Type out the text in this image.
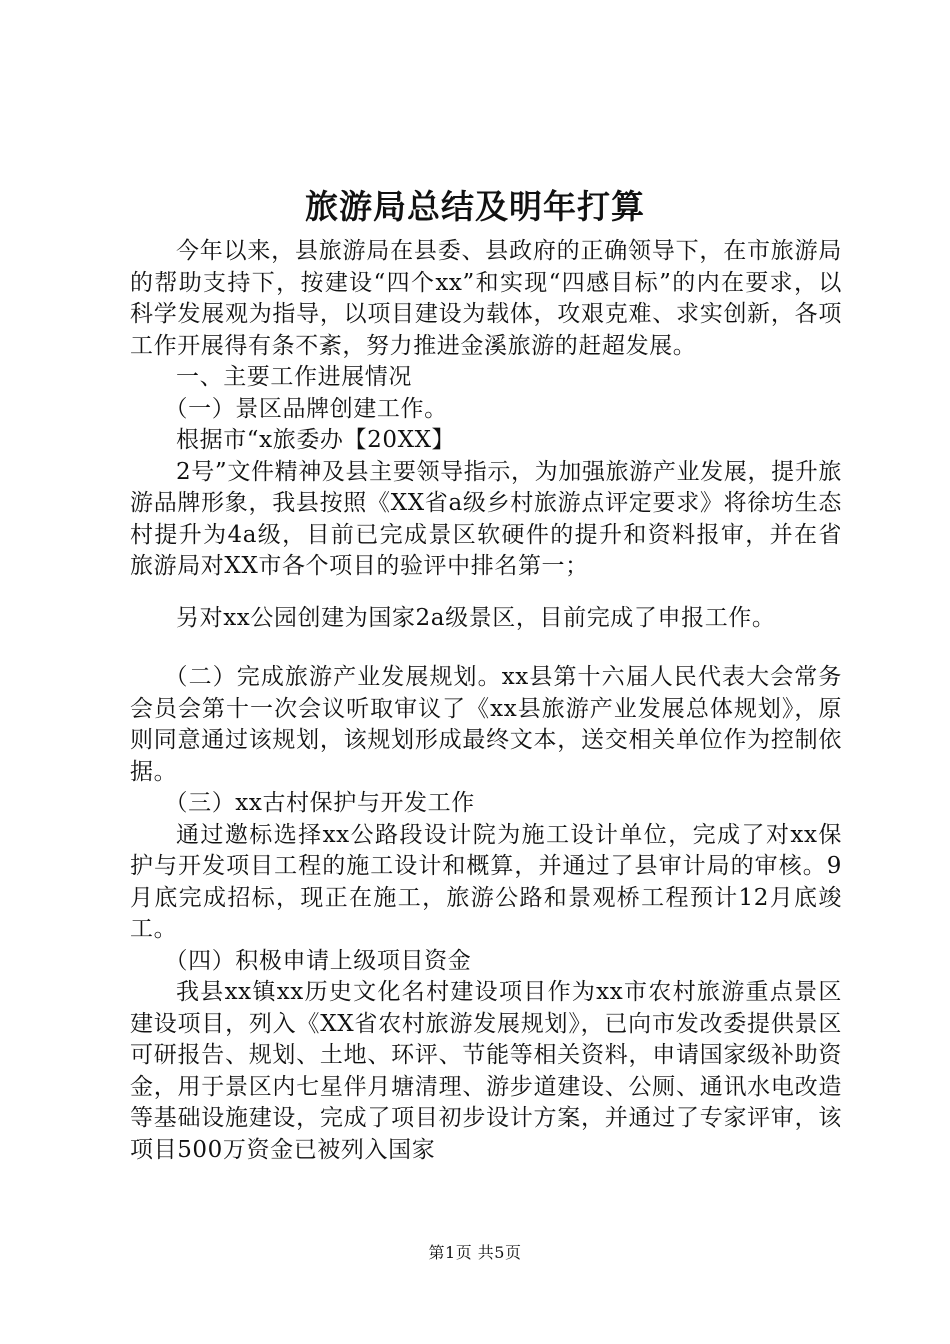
旅游局总结及明年打算

今年以来，县旅游局在县委、县政府的正确领导下，在市旅游局的帮助支持下，按建设“四个xx”和实现“四感目标”的内在要求，以科学发展观为指导，以项目建设为载体，攻艰克难、求实创新，各项工作开展得有条不紊，努力推进金溪旅游的赶超发展。

一、主要工作进展情况

（一）景区品牌创建工作。

根据市“x旅委办【20XX】

2号”文件精神及县主要领导指示，为加强旅游产业发展，提升旅游品牌形象，我县按照《XX省a级乡村旅游点评定要求》将徐坊生态村提升为4a级，目前已完成景区软硬件的提升和资料报审，并在省旅游局对XX市各个项目的验评中排名第一；

另对xx公园创建为国家2a级景区，目前完成了申报工作。

（二）完成旅游产业发展规划。xx县第十六届人民代表大会常务会员会第十一次会议听取审议了《xx县旅游产业发展总体规划》，原则同意通过该规划，该规划形成最终文本，送交相关单位作为控制依据。

（三）xx古村保护与开发工作

通过邀标选择xx公路段设计院为施工设计单位，完成了对xx保护与开发项目工程的施工设计和概算，并通过了县审计局的审核。9月底完成招标，现正在施工，旅游公路和景观桥工程预计12月底竣工。

（四）积极申请上级项目资金

我县xx镇xx历史文化名村建设项目作为xx市农村旅游重点景区建设项目，列入《XX省农村旅游发展规划》，已向市发改委提供景区可研报告、规划、土地、环评、节能等相关资料，申请国家级补助资金，用于景区内七星伴月塘清理、游步道建设、公厕、通讯水电改造等基础设施建设，完成了项目初步设计方案，并通过了专家评审，该项目500万资金已被列入国家

第1页 共5页
